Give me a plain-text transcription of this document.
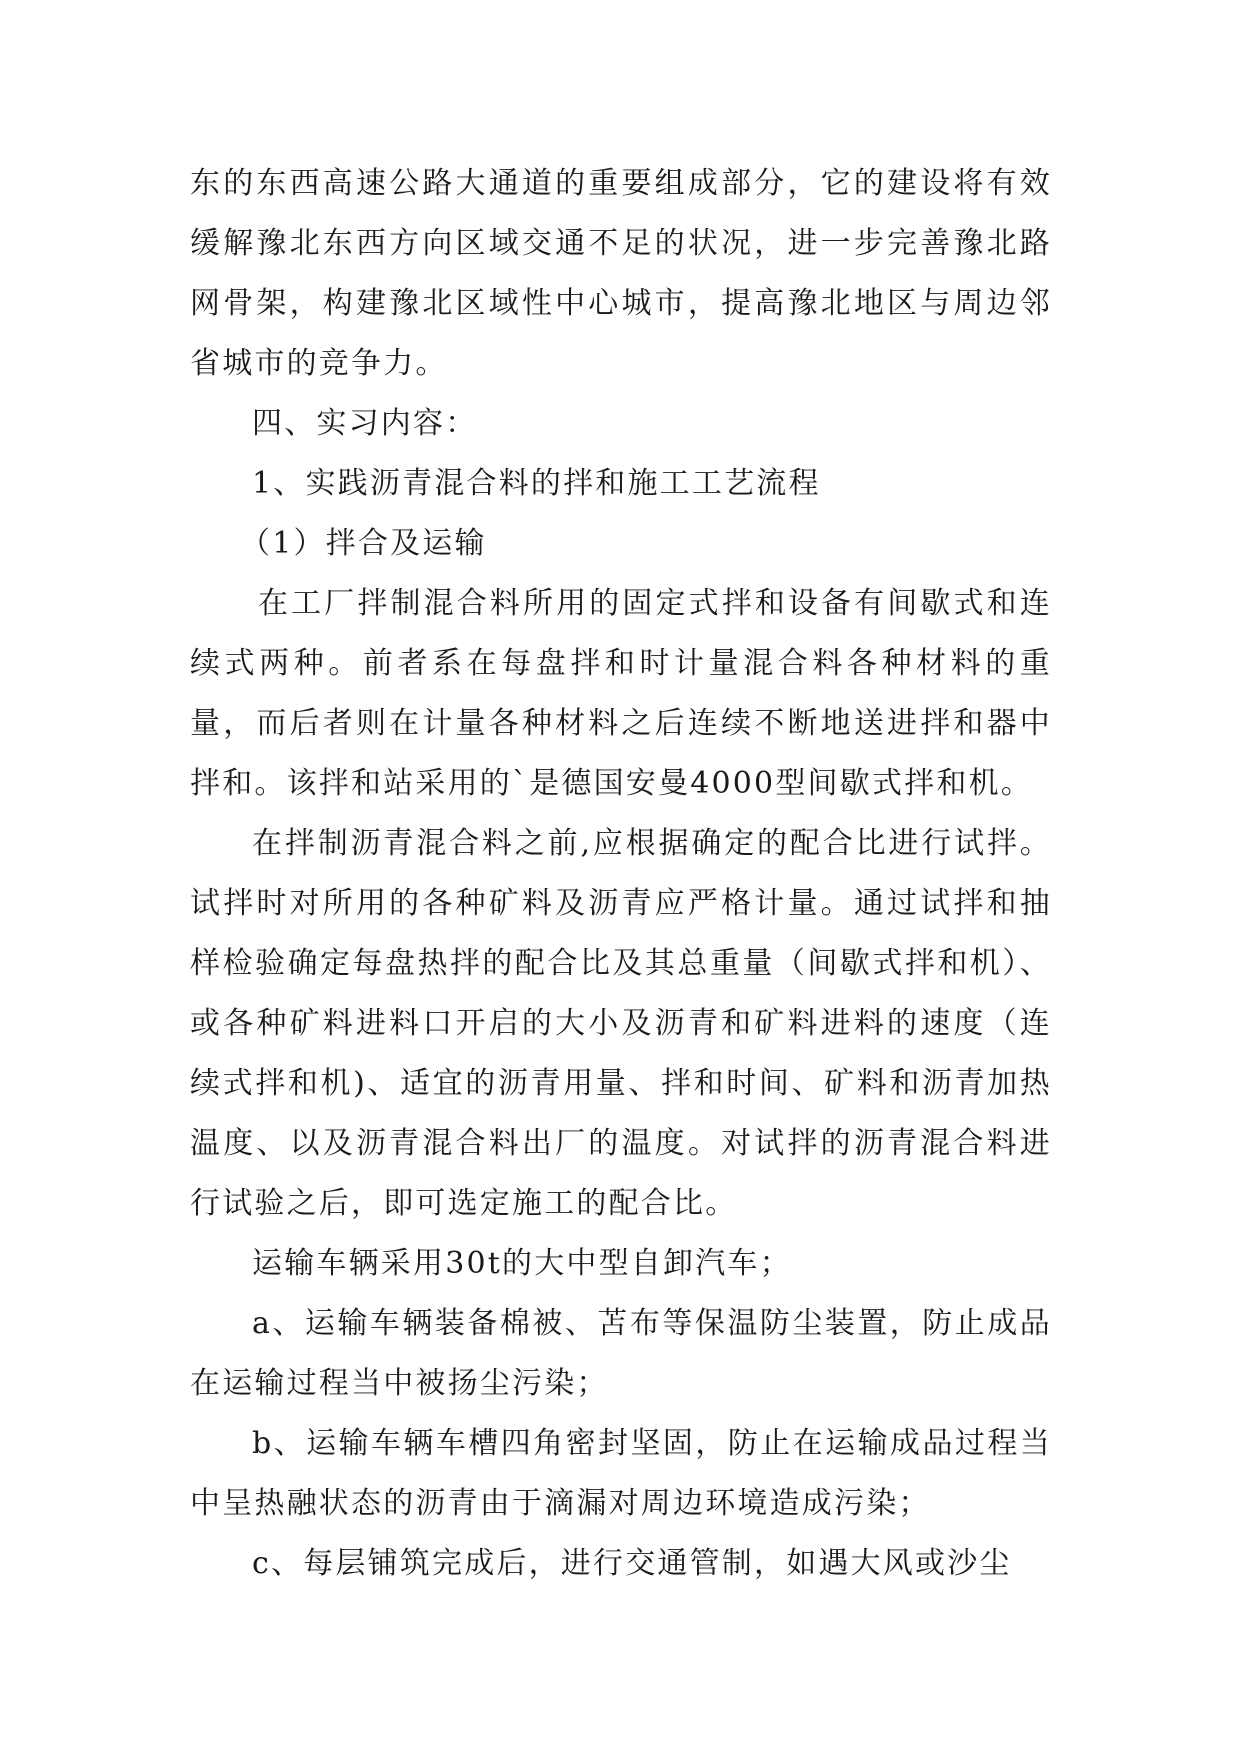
东的东西高速公路大通道的重要组成部分，它的建设将有效缓解豫北东西方向区域交通不足的状况，进一步完善豫北路网骨架，构建豫北区域性中心城市，提高豫北地区与周边邻省城市的竞争力。

四、实习内容：

1、实践沥青混合料的拌和施工工艺流程

（1）拌合及运输

在工厂拌制混合料所用的固定式拌和设备有间歇式和连续式两种。前者系在每盘拌和时计量混合料各种材料的重量，而后者则在计量各种材料之后连续不断地送进拌和器中拌和。该拌和站采用的`是德国安曼4000型间歇式拌和机。

在拌制沥青混合料之前,应根据确定的配合比进行试拌。试拌时对所用的各种矿料及沥青应严格计量。通过试拌和抽样检验确定每盘热拌的配合比及其总重量（间歇式拌和机）、或各种矿料进料口开启的大小及沥青和矿料进料的速度（连续式拌和机)、适宜的沥青用量、拌和时间、矿料和沥青加热温度、以及沥青混合料出厂的温度。对试拌的沥青混合料进行试验之后，即可选定施工的配合比。

运输车辆采用30t的大中型自卸汽车；

a、运输车辆装备棉被、苫布等保温防尘装置，防止成品在运输过程当中被扬尘污染；

b、运输车辆车槽四角密封坚固，防止在运输成品过程当中呈热融状态的沥青由于滴漏对周边环境造成污染；

c、每层铺筑完成后，进行交通管制，如遇大风或沙尘
